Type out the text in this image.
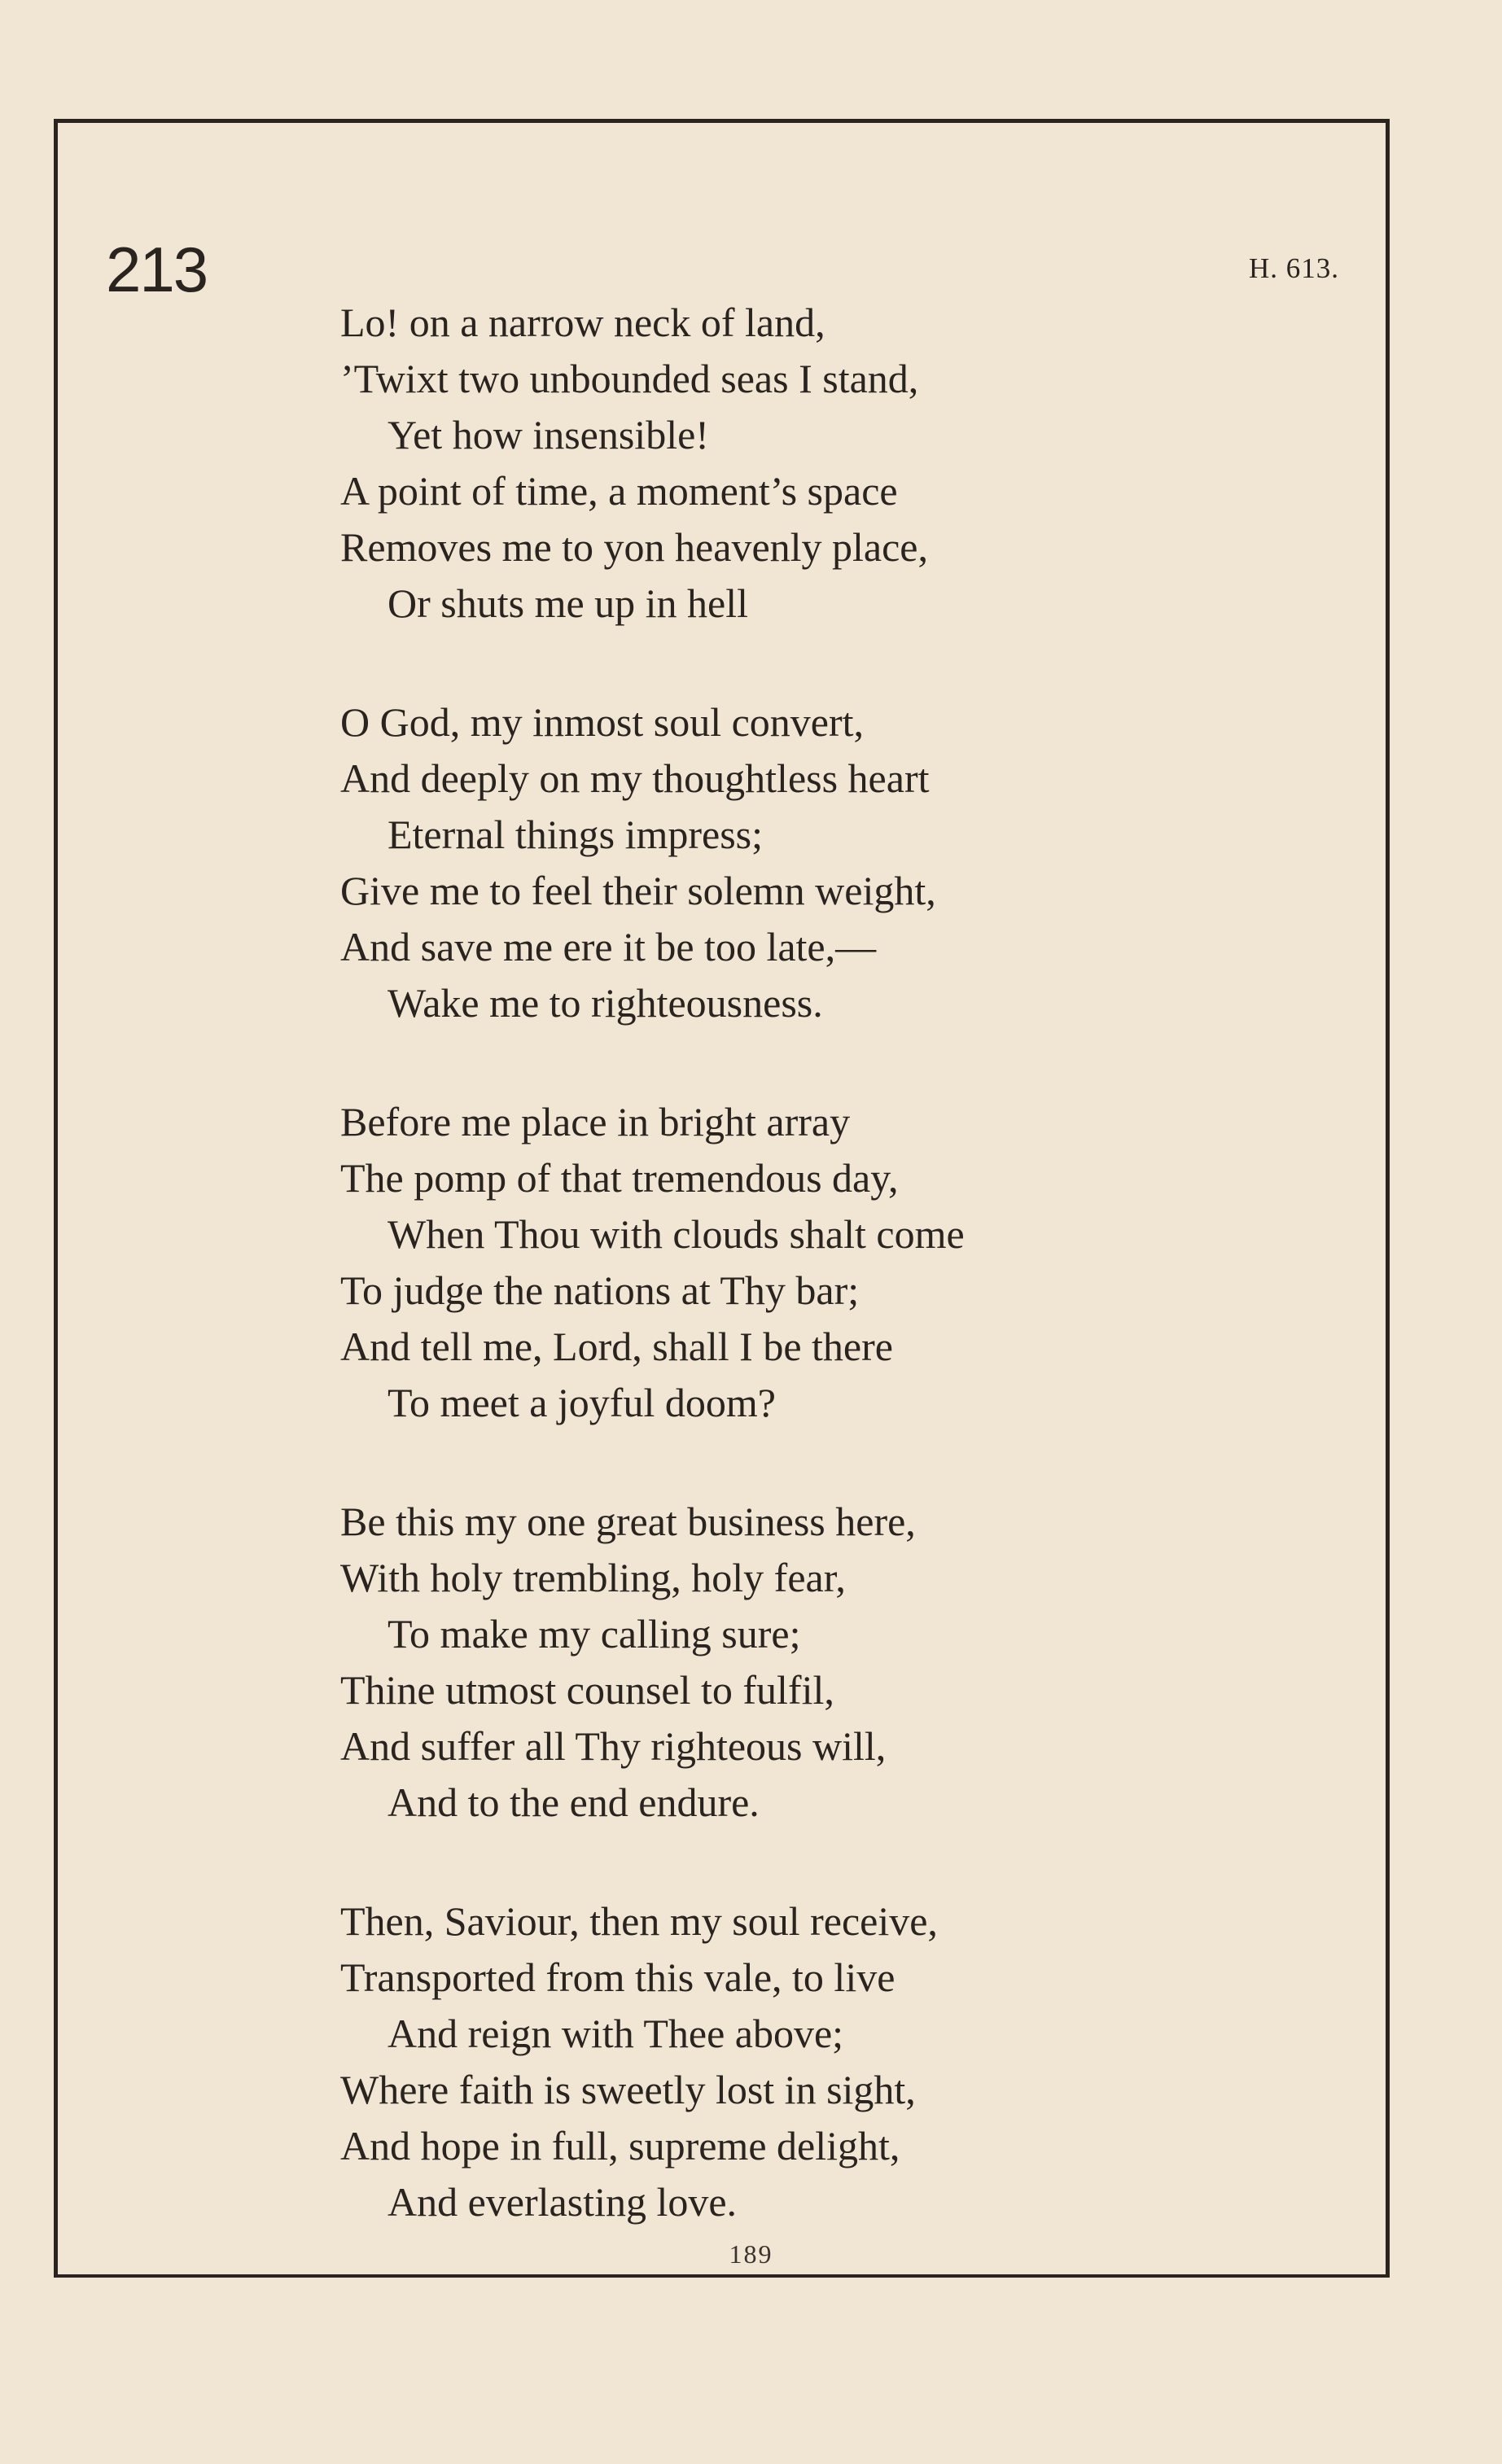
213	H. 613.
Lo! on a narrow neck of land,
’Twixt two unbounded seas I stand,
Yet how insensible!
A point of time, a moment’s space
Removes me to yon heavenly place,
Or shuts me up in hell
O God, my inmost soul convert,
And deeply on my thoughtless heart
Eternal things impress;
Give me to feel their solemn weight,
And save me ere it be too late,—
Wake me to righteousness.
Before me place in bright array
The pomp of that tremendous day,
When Thou with clouds shalt come
To judge the nations at Thy bar;
And tell me, Lord, shall I be there
To meet a joyful doom?
Be this my one great business here,
With holy trembling, holy fear,
To make my calling sure;
Thine utmost counsel to fulfil,
And suffer all Thy righteous will,
And to the end endure.
Then, Saviour, then my soul receive,
Transported from this vale, to live
And reign with Thee above;
Where faith is sweetly lost in sight,
And hope in full, supreme delight,
And everlasting love.
189
